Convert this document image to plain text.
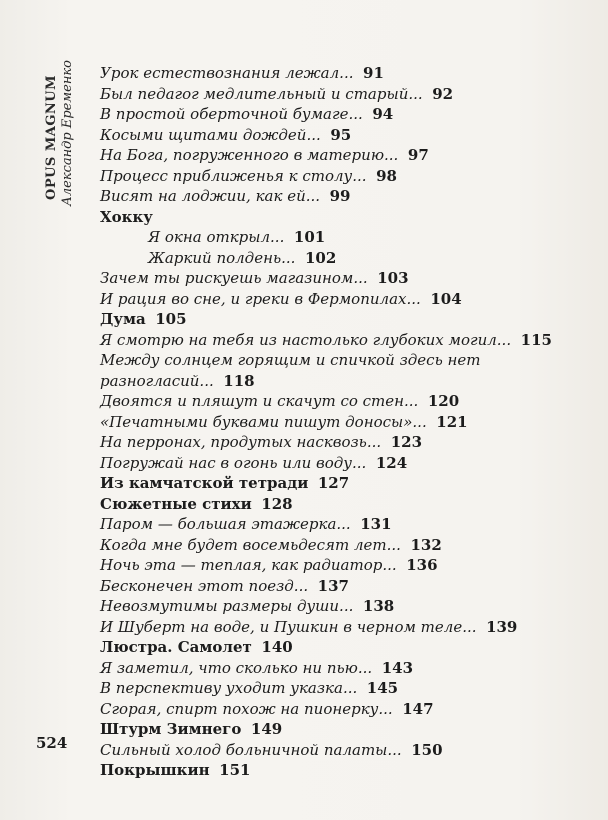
OPUS MAGNUM Александр Еременко Урок естествознания лежал... 91
Был педагог медлительный и старый... 92
В простой оберточной бумаге... 94
Косыми щитами дождей... 95
На Бога, погруженного в материю... 97
Процесс приближенья к столу... 98
Висят на лоджии, как ей... 99
Хокку
Я окна открыл... 101
Жаркий полдень... 102
Зачем ты рискуешь магазином... 103
И рация во сне, и греки в Фермопилах... 104
Дума 105
Я смотрю на тебя из настолько глубоких могил... 115
Между солнцем горящим и спичкой здесь нет
разногласий... 118
Двоятся и пляшут и скачут со стен... 120
«Печатными буквами пишут доносы»... 121
На перронах, продутых насквозь... 123
Погружай нас в огонь или воду... 124
Из камчатской тетради 127
Сюжетные стихи 128
Паром — большая этажерка... 131
Когда мне будет восемьдесят лет... 132
Ночь эта — теплая, как радиатор... 136
Бесконечен этот поезд... 137
Невозмутимы размеры души... 138
И Шуберт на воде, и Пушкин в черном теле... 139
Люстра. Самолет 140
Я заметил, что сколько ни пью... 143
В перспективу уходит указка... 145
Сгорая, спирт похож на пионерку... 147
Штурм Зимнего 149
Сильный холод больничной палаты... 150
Покрышкин 151
524
